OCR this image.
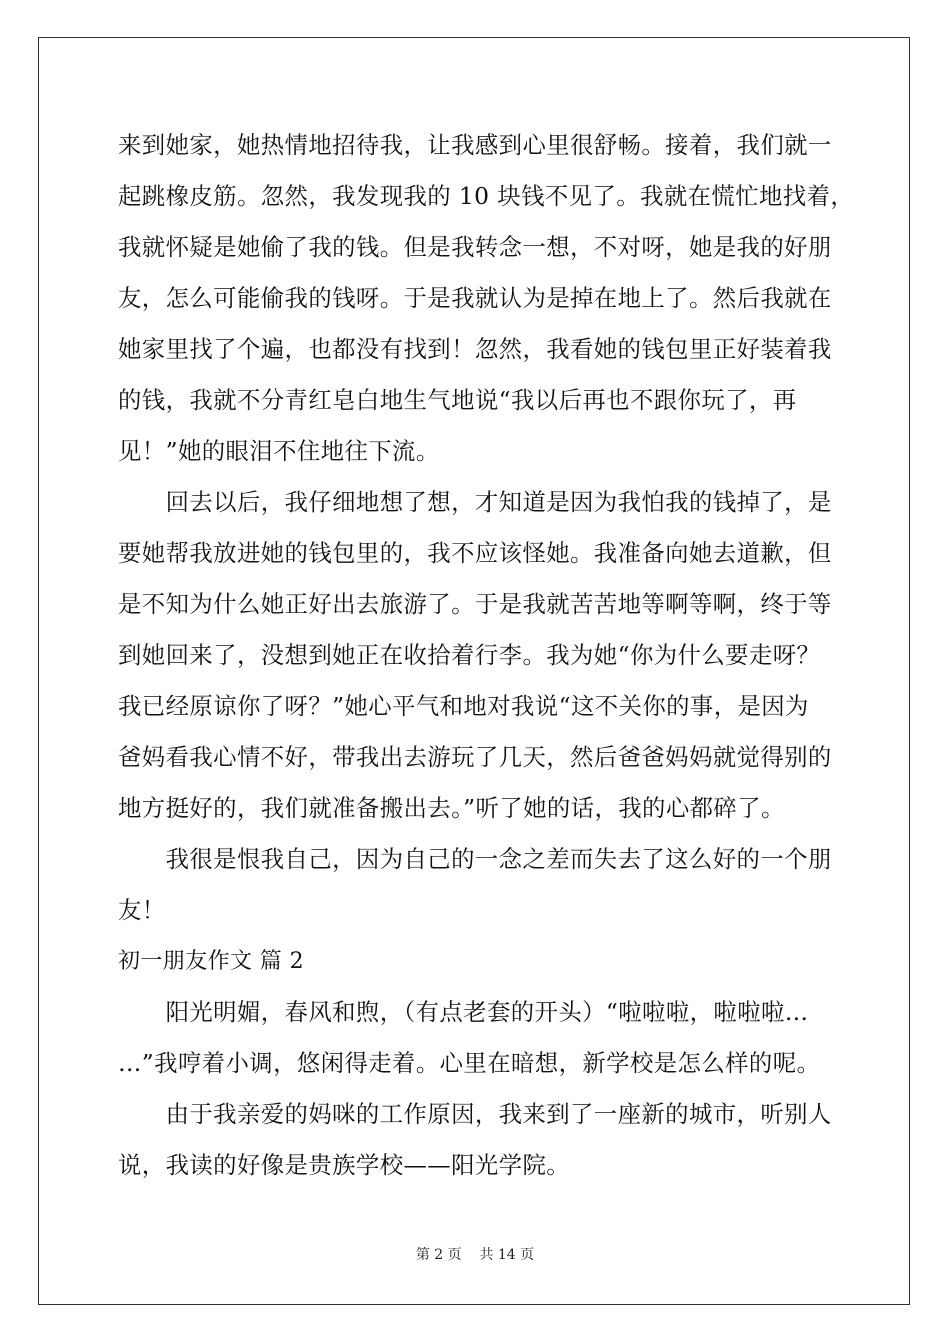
来到她家，她热情地招待我，让我感到心里很舒畅。接着，我们就一
起跳橡皮筋。忽然，我发现我的 10 块钱不见了。我就在慌忙地找着，
我就怀疑是她偷了我的钱。但是我转念一想，不对呀，她是我的好朋
友，怎么可能偷我的钱呀。于是我就认为是掉在地上了。然后我就在
她家里找了个遍，也都没有找到！忽然，我看她的钱包里正好装着我
的钱，我就不分青红皂白地生气地说“我以后再也不跟你玩了，再
见！”她的眼泪不住地往下流。
　　回去以后，我仔细地想了想，才知道是因为我怕我的钱掉了，是
要她帮我放进她的钱包里的，我不应该怪她。我准备向她去道歉，但
是不知为什么她正好出去旅游了。于是我就苦苦地等啊等啊，终于等
到她回来了，没想到她正在收拾着行李。我为她“你为什么要走呀？
我已经原谅你了呀？”她心平气和地对我说“这不关你的事，是因为
爸妈看我心情不好，带我出去游玩了几天，然后爸爸妈妈就觉得别的
地方挺好的，我们就准备搬出去。”听了她的话，我的心都碎了。
　　我很是恨我自己，因为自己的一念之差而失去了这么好的一个朋
友！
初一朋友作文 篇 2
　　阳光明媚，春风和煦，（有点老套的开头）“啦啦啦，啦啦啦…
…”我哼着小调，悠闲得走着。心里在暗想，新学校是怎么样的呢。
　　由于我亲爱的妈咪的工作原因，我来到了一座新的城市，听别人
说，我读的好像是贵族学校——阳光学院。
第 2 页 共 14 页
